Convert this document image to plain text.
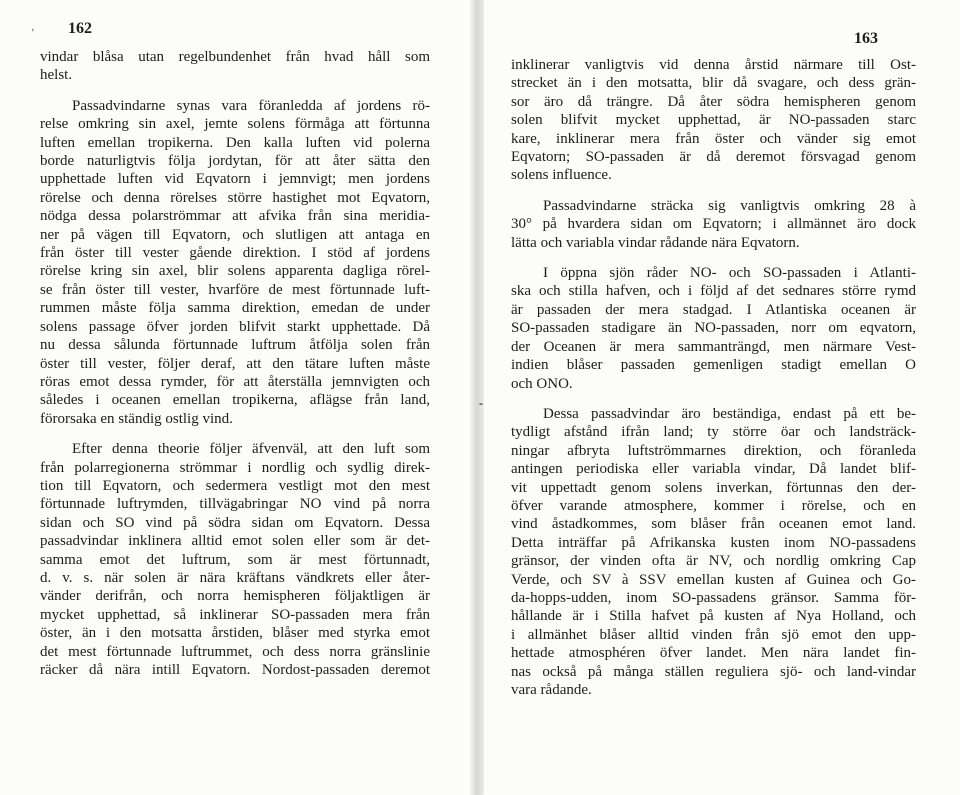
' 162
vindar blåsa utan regelbundenhet från hvad håll som
helst.
Passadvindarne synas vara föranledda af jordens rö-
relse omkring sin axel, jemte solens förmåga att förtunna
luften emellan tropikerna. Den kalla luften vid polerna
borde naturligtvis följa jordytan, för att åter sätta den
upphettade luften vid Eqvatorn i jemnvigt; men jordens
rörelse och denna rörelses större hastighet mot Eqvatorn,
nödga dessa polarströmmar att afvika från sina meridia-
ner på vägen till Eqvatorn, och slutligen att antaga en
från öster till vester gående direktion. I stöd af jordens
rörelse kring sin axel, blir solens apparenta dagliga rörel-
se från öster till vester, hvarföre de mest förtunnade luft-
rummen måste följa samma direktion, emedan de under
solens passage öfver jorden blifvit starkt upphettade. Då
nu dessa sålunda förtunnade luftrum åtfölja solen från
öster till vester, följer deraf, att den tätare luften måste
röras emot dessa rymder, för att återställa jemnvigten och
således i oceanen emellan tropikerna, aflägse från land,
förorsaka en ständig ostlig vind.
Efter denna theorie följer äfvenväl, att den luft som
från polarregionerna strömmar i nordlig och sydlig direk-
tion till Eqvatorn, och sedermera vestligt mot den mest
förtunnade luftrymden, tillvägabringar NO vind på norra
sidan och SO vind på södra sidan om Eqvatorn. Dessa
passadvindar inklinera alltid emot solen eller som är det-
samma emot det luftrum, som är mest förtunnadt,
d. v. s. när solen är nära kräftans vändkrets eller åter-
vänder derifrån, och norra hemispheren följaktligen är
mycket upphettad, så inklinerar SO-passaden mera från
öster, än i den motsatta årstiden, blåser med styrka emot
det mest förtunnade luftrummet, och dess norra gränslinie
räcker då nära intill Eqvatorn. Nordost-passaden deremot
-
163
inklinerar vanligtvis vid denna årstid närmare till Ost-
strecket än i den motsatta, blir då svagare, och dess grän-
sor äro då trängre. Då åter södra hemispheren genom
solen blifvit mycket upphettad, är NO-passaden starc
kare, inklinerar mera från öster och vänder sig emot
Eqvatorn; SO-passaden är då deremot försvagad genom
solens influence.
Passadvindarne sträcka sig vanligtvis omkring 28 à
30° på hvardera sidan om Eqvatorn; i allmännet äro dock
lätta och variabla vindar rådande nära Eqvatorn.
I öppna sjön råder NO- och SO-passaden i Atlanti-
ska och stilla hafven, och i följd af det sednares större rymd
är passaden der mera stadgad. I Atlantiska oceanen är
SO-passaden stadigare än NO-passaden, norr om eqvatorn,
der Oceanen är mera sammanträngd, men närmare Vest-
indien blåser passaden gemenligen stadigt emellan O
och ONO.
Dessa passadvindar äro beständiga, endast på ett be-
tydligt afstånd ifrån land; ty större öar och landsträck-
ningar afbryta luftströmmarnes direktion, och föranleda
antingen periodiska eller variabla vindar, Då landet blif-
vit uppettadt genom solens inverkan, förtunnas den der-
öfver varande atmosphere, kommer i rörelse, och en
vind åstadkommes, som blåser från oceanen emot land.
Detta inträffar på Afrikanska kusten inom NO-passadens
gränsor, der vinden ofta är NV, och nordlig omkring Cap
Verde, och SV à SSV emellan kusten af Guinea och Go-
da-hopps-udden, inom SO-passadens gränsor. Samma för-
hållande är i Stilla hafvet på kusten af Nya Holland, och
i allmänhet blåser alltid vinden från sjö emot den upp-
hettade atmosphéren öfver landet. Men nära landet fin-
nas också på många ställen reguliera sjö- och land-vindar
vara rådande.
